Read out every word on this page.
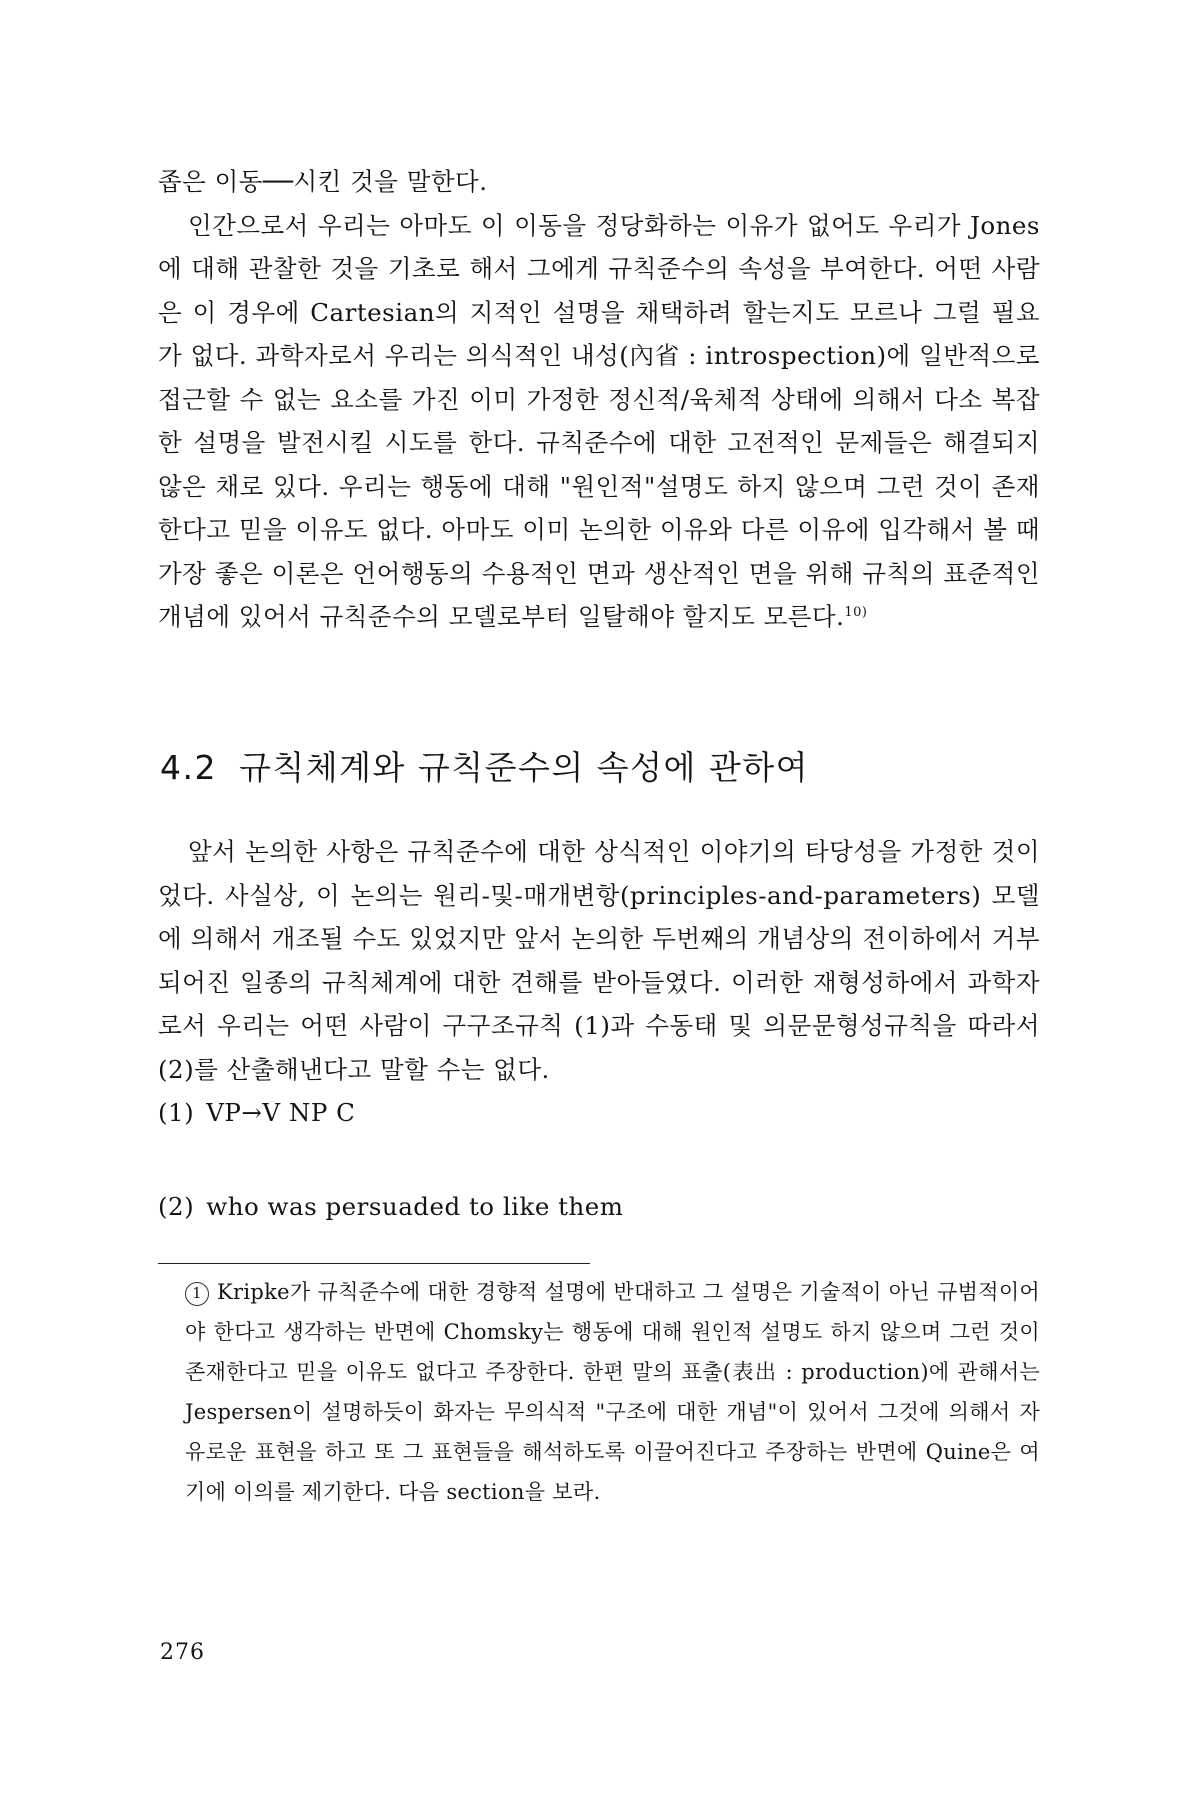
좁은 이동──시킨 것을 말한다.

인간으로서 우리는 아마도 이 이동을 정당화하는 이유가 없어도 우리가 Jones에 대해 관찰한 것을 기초로 해서 그에게 규칙준수의 속성을 부여한다. 어떤 사람은 이 경우에 Cartesian의 지적인 설명을 채택하려 할는지도 모르나 그럴 필요가 없다. 과학자로서 우리는 의식적인 내성(內省 : introspection)에 일반적으로 접근할 수 없는 요소를 가진 이미 가정한 정신적/육체적 상태에 의해서 다소 복잡한 설명을 발전시킬 시도를 한다. 규칙준수에 대한 고전적인 문제들은 해결되지 않은 채로 있다. 우리는 행동에 대해 "원인적"설명도 하지 않으며 그런 것이 존재한다고 믿을 이유도 없다. 아마도 이미 논의한 이유와 다른 이유에 입각해서 볼 때 가장 좋은 이론은 언어행동의 수용적인 면과 생산적인 면을 위해 규칙의 표준적인 개념에 있어서 규칙준수의 모델로부터 일탈해야 할지도 모른다.$^{10)}$

4.2 규칙체계와 규칙준수의 속성에 관하여

앞서 논의한 사항은 규칙준수에 대한 상식적인 이야기의 타당성을 가정한 것이었다. 사실상, 이 논의는 원리-및-매개변항(principles-and-parameters) 모델에 의해서 개조될 수도 있었지만 앞서 논의한 두번째의 개념상의 전이하에서 거부되어진 일종의 규칙체계에 대한 견해를 받아들였다. 이러한 재형성하에서 과학자로서 우리는 어떤 사람이 구구조규칙 (1)과 수동태 및 의문문형성규칙을 따라서 (2)를 산출해낸다고 말할 수는 없다.

(1) VP→V NP C
(2) who was persuaded to like them

1 Kripke가 규칙준수에 대한 경향적 설명에 반대하고 그 설명은 기술적이 아닌 규범적이어야 한다고 생각하는 반면에 Chomsky는 행동에 대해 원인적 설명도 하지 않으며 그런 것이 존재한다고 믿을 이유도 없다고 주장한다. 한편 말의 표출(表出 : production)에 관해서는 Jespersen이 설명하듯이 화자는 무의식적 "구조에 대한 개념"이 있어서 그것에 의해서 자유로운 표현을 하고 또 그 표현들을 해석하도록 이끌어진다고 주장하는 반면에 Quine은 여기에 이의를 제기한다. 다음 section을 보라.

276
